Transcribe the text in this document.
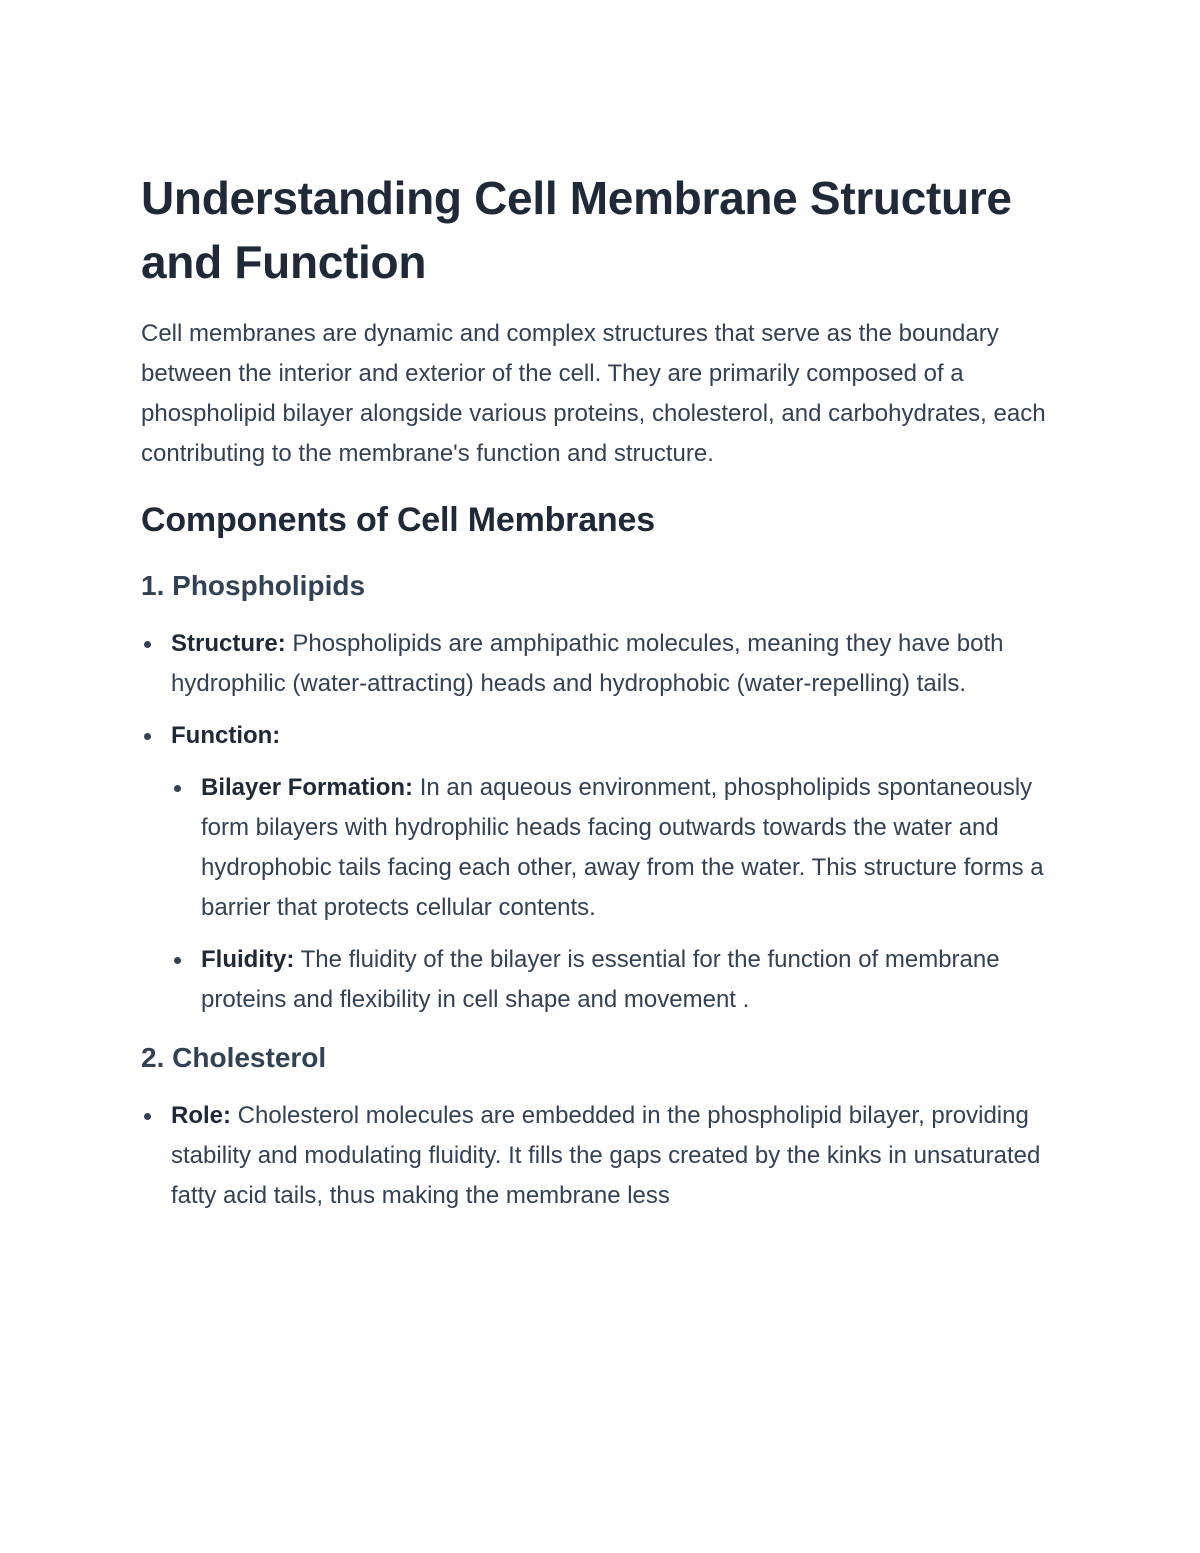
Understanding Cell Membrane Structure and Function

Cell membranes are dynamic and complex structures that serve as the boundary between the interior and exterior of the cell. They are primarily composed of a phospholipid bilayer alongside various proteins, cholesterol, and carbohydrates, each contributing to the membrane's function and structure.

Components of Cell Membranes
1. Phospholipids
Structure: Phospholipids are amphipathic molecules, meaning they have both hydrophilic (water-attracting) heads and hydrophobic (water-repelling) tails.
Function:
Bilayer Formation: In an aqueous environment, phospholipids spontaneously form bilayers with hydrophilic heads facing outwards towards the water and hydrophobic tails facing each other, away from the water. This structure forms a barrier that protects cellular contents.
Fluidity: The fluidity of the bilayer is essential for the function of membrane proteins and flexibility in cell shape and movement .
2. Cholesterol
Role: Cholesterol molecules are embedded in the phospholipid bilayer, providing stability and modulating fluidity. It fills the gaps created by the kinks in unsaturated fatty acid tails, thus making the membrane less
